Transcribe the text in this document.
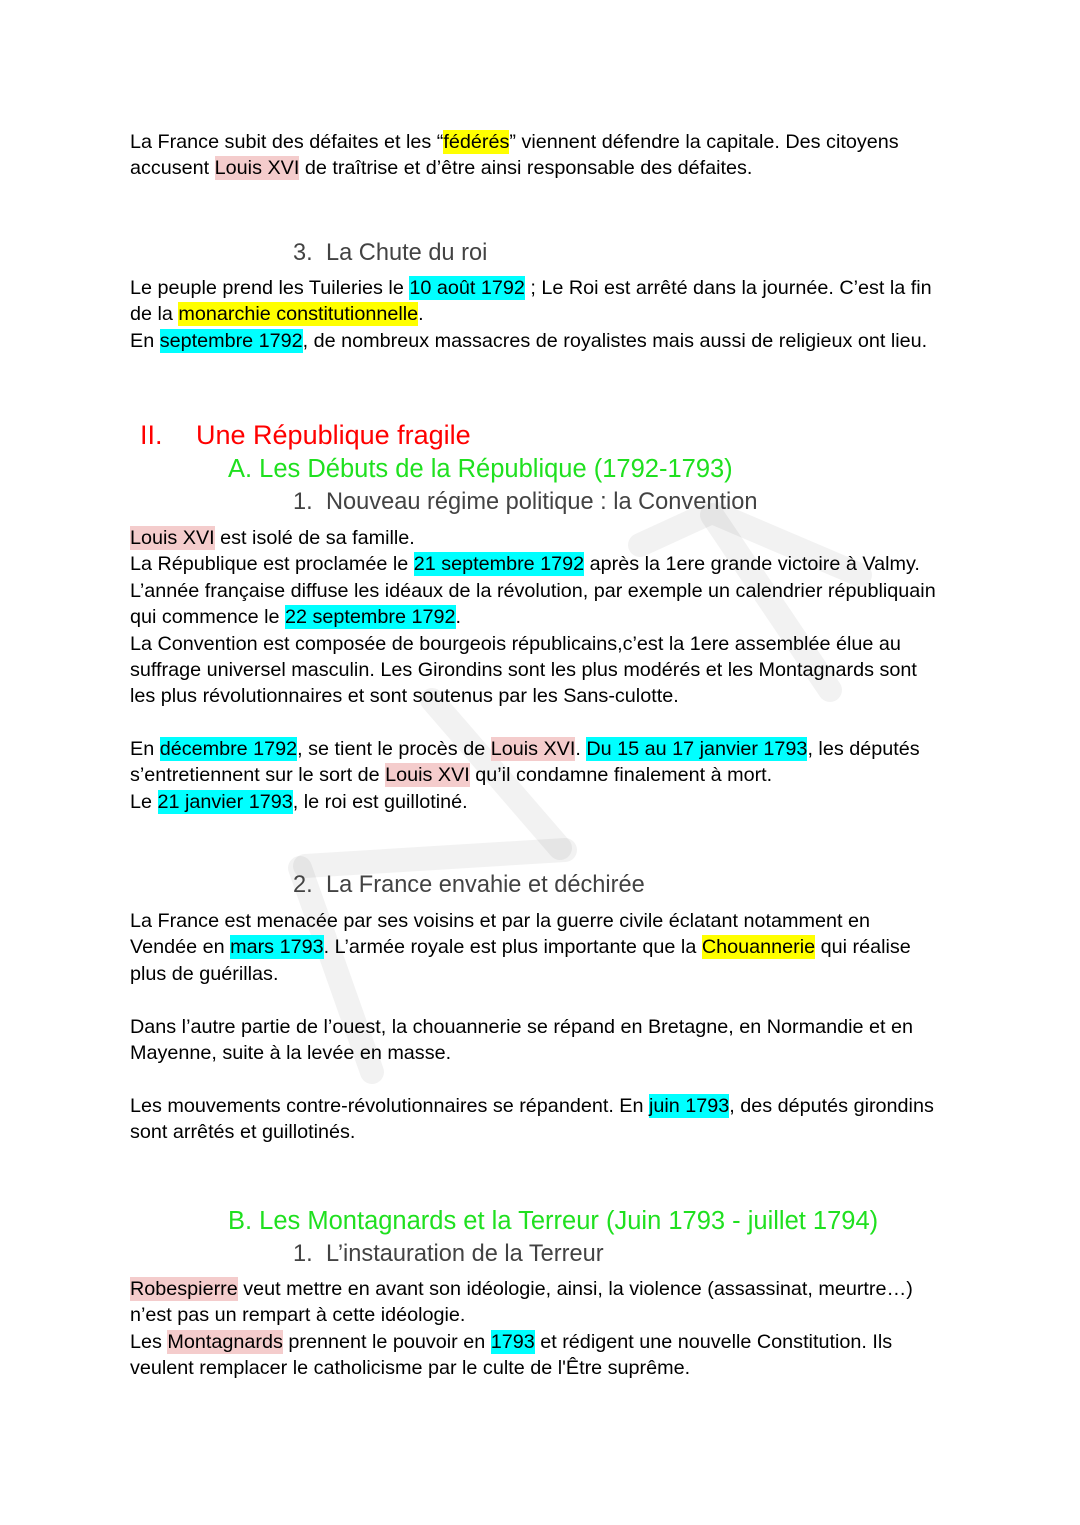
La France subit des défaites et les “fédérés” viennent défendre la capitale. Des citoyens
accusent Louis XVI de traîtrise et d’être ainsi responsable des défaites.
3. La Chute du roi
Le peuple prend les Tuileries le 10 août 1792 ; Le Roi est arrêté dans la journée. C’est la fin
de la monarchie constitutionnelle.
En septembre 1792, de nombreux massacres de royalistes mais aussi de religieux ont lieu.
II. Une République fragile
A. Les Débuts de la République (1792-1793)
1. Nouveau régime politique : la Convention
Louis XVI est isolé de sa famille.
La République est proclamée le 21 septembre 1792 après la 1ere grande victoire à Valmy.
L’année française diffuse les idéaux de la révolution, par exemple un calendrier républiquain
qui commence le 22 septembre 1792.
La Convention est composée de bourgeois républicains,c’est la 1ere assemblée élue au
suffrage universel masculin. Les Girondins sont les plus modérés et les Montagnards sont
les plus révolutionnaires et sont soutenus par les Sans-culotte.
En décembre 1792, se tient le procès de Louis XVI. Du 15 au 17 janvier 1793, les députés
s’entretiennent sur le sort de Louis XVI qu’il condamne finalement à mort.
Le 21 janvier 1793, le roi est guillotiné.
2. La France envahie et déchirée
La France est menacée par ses voisins et par la guerre civile éclatant notamment en
Vendée en mars 1793. L’armée royale est plus importante que la Chouannerie qui réalise
plus de guérillas.
Dans l’autre partie de l’ouest, la chouannerie se répand en Bretagne, en Normandie et en
Mayenne, suite à la levée en masse.
Les mouvements contre-révolutionnaires se répandent. En juin 1793, des députés girondins
sont arrêtés et guillotinés.
B. Les Montagnards et la Terreur (Juin 1793 - juillet 1794)
1. L’instauration de la Terreur
Robespierre veut mettre en avant son idéologie, ainsi, la violence (assassinat, meurtre…)
n’est pas un rempart à cette idéologie.
Les Montagnards prennent le pouvoir en 1793 et rédigent une nouvelle Constitution. Ils
veulent remplacer le catholicisme par le culte de l'Être suprême.
